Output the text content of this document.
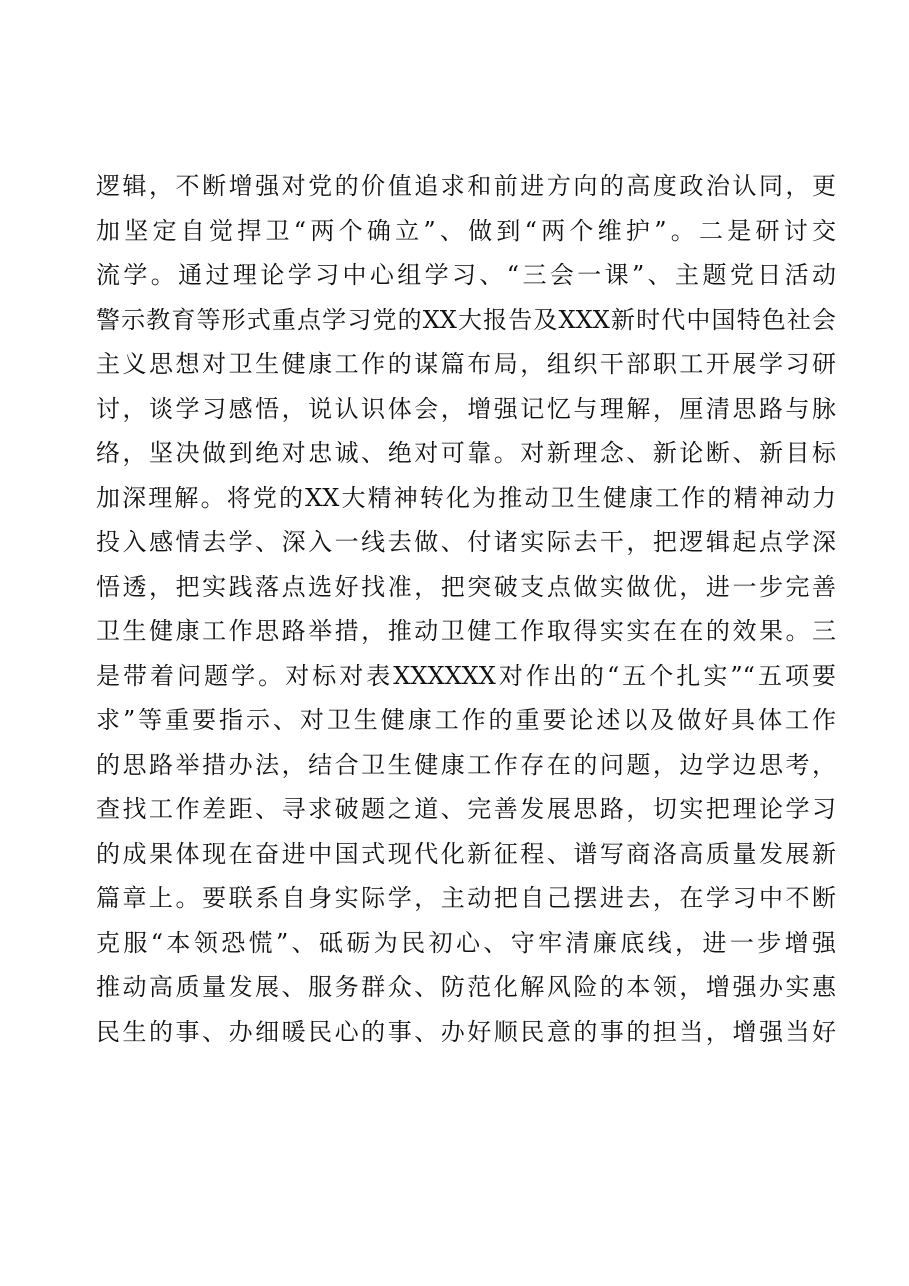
逻辑，不断增强对党的价值追求和前进方向的高度政治认同，更
加坚定自觉捍卫“两个确立”、做到“两个维护”。二是研讨交
流学。通过理论学习中心组学习、“三会一课”、主题党日活动
警示教育等形式重点学习党的XX大报告及XXX新时代中国特色社会
主义思想对卫生健康工作的谋篇布局，组织干部职工开展学习研
讨，谈学习感悟，说认识体会，增强记忆与理解，厘清思路与脉
络，坚决做到绝对忠诚、绝对可靠。对新理念、新论断、新目标
加深理解。将党的XX大精神转化为推动卫生健康工作的精神动力
投入感情去学、深入一线去做、付诸实际去干，把逻辑起点学深
悟透，把实践落点选好找准，把突破支点做实做优，进一步完善
卫生健康工作思路举措，推动卫健工作取得实实在在的效果。三
是带着问题学。对标对表XXXXXX对作出的“五个扎实”“五项要
求”等重要指示、对卫生健康工作的重要论述以及做好具体工作
的思路举措办法，结合卫生健康工作存在的问题，边学边思考，
查找工作差距、寻求破题之道、完善发展思路，切实把理论学习
的成果体现在奋进中国式现代化新征程、谱写商洛高质量发展新
篇章上。要联系自身实际学，主动把自己摆进去，在学习中不断
克服“本领恐慌”、砥砺为民初心、守牢清廉底线，进一步增强
推动高质量发展、服务群众、防范化解风险的本领，增强办实惠
民生的事、办细暖民心的事、办好顺民意的事的担当，增强当好
